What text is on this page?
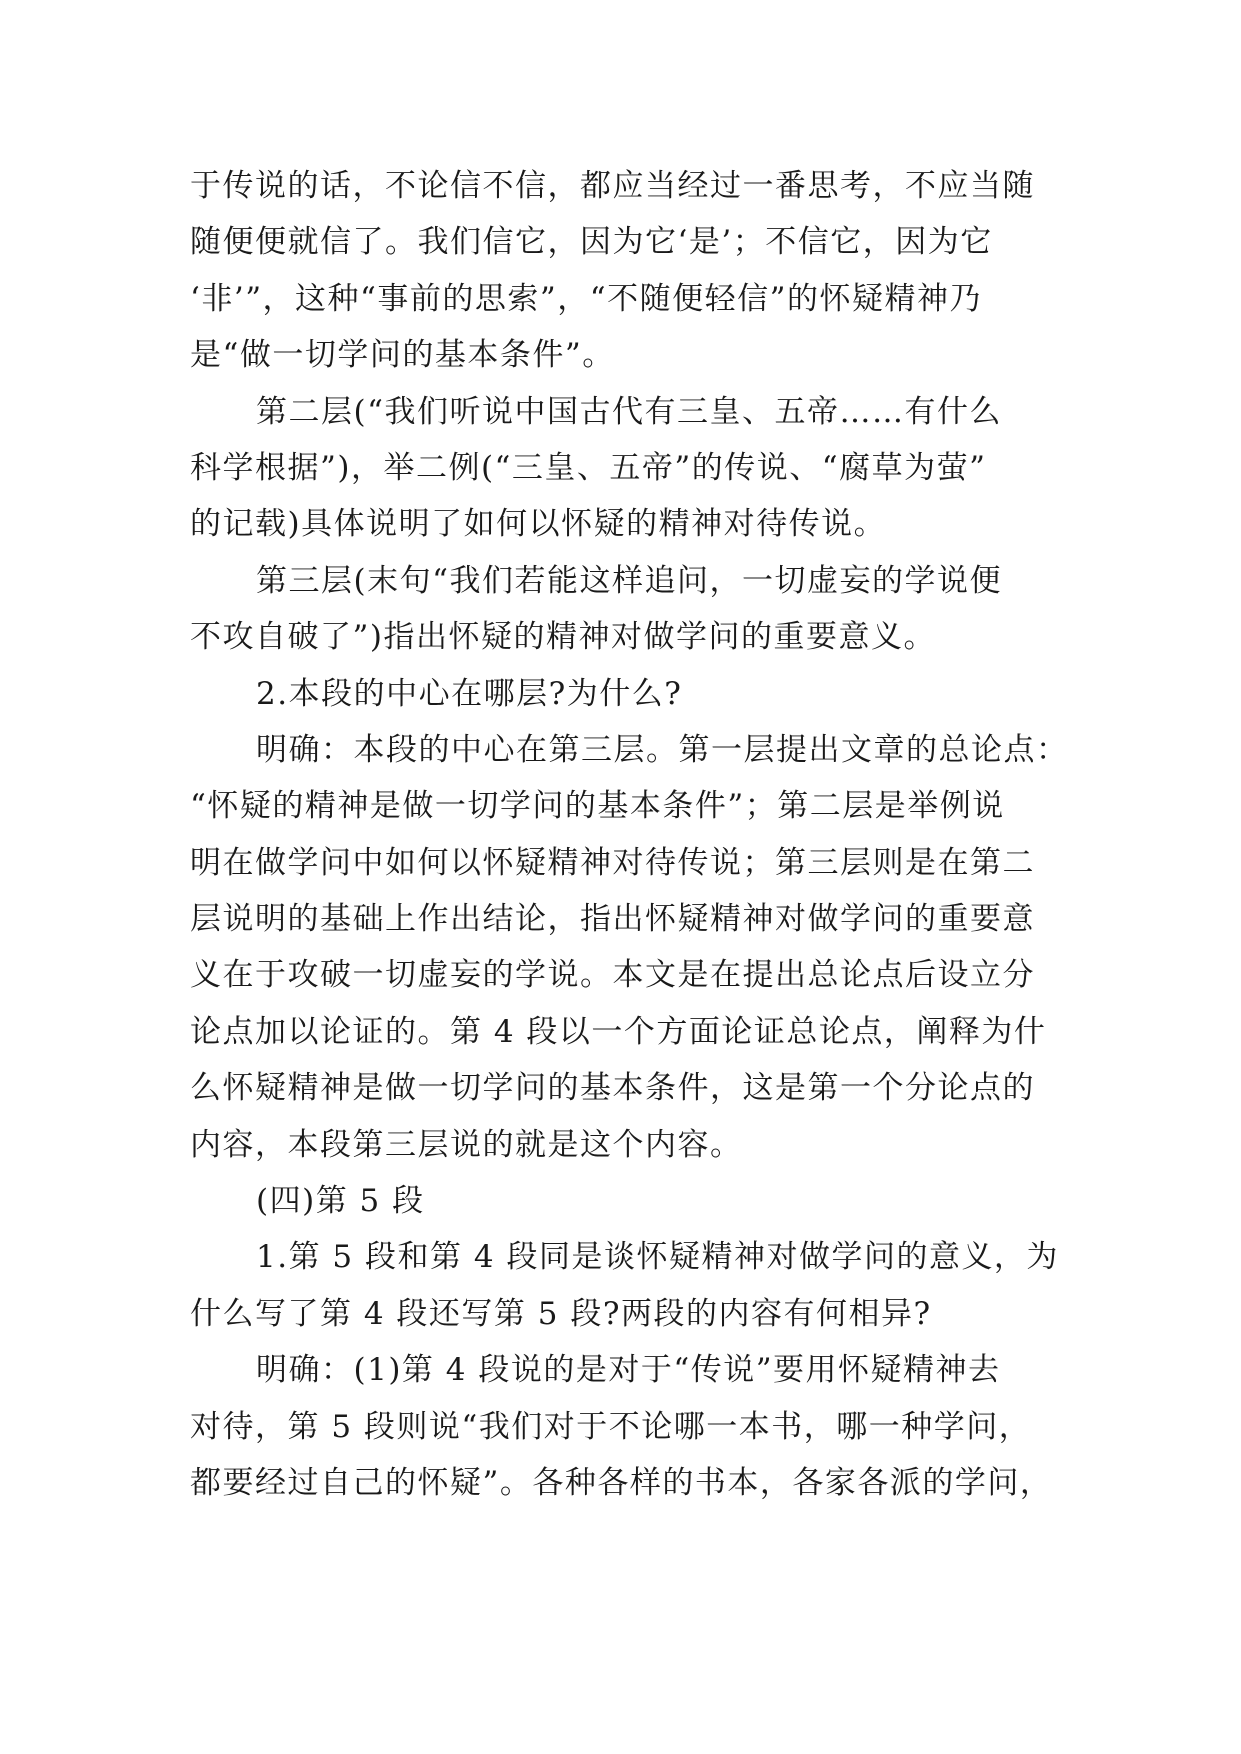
于传说的话，不论信不信，都应当经过一番思考，不应当随
随便便就信了。我们信它，因为它‘是’；不信它，因为它
‘非’”，这种“事前的思索”，“不随便轻信”的怀疑精神乃
是“做一切学问的基本条件”。
第二层(“我们听说中国古代有三皇、五帝……有什么
科学根据”)，举二例(“三皇、五帝”的传说、“腐草为萤”
的记载)具体说明了如何以怀疑的精神对待传说。
第三层(末句“我们若能这样追问，一切虚妄的学说便
不攻自破了”)指出怀疑的精神对做学问的重要意义。
2.本段的中心在哪层?为什么?
明确：本段的中心在第三层。第一层提出文章的总论点：
“怀疑的精神是做一切学问的基本条件”；第二层是举例说
明在做学问中如何以怀疑精神对待传说；第三层则是在第二
层说明的基础上作出结论，指出怀疑精神对做学问的重要意
义在于攻破一切虚妄的学说。本文是在提出总论点后设立分
论点加以论证的。第 4 段以一个方面论证总论点，阐释为什
么怀疑精神是做一切学问的基本条件，这是第一个分论点的
内容，本段第三层说的就是这个内容。
(四)第 5 段
1.第 5 段和第 4 段同是谈怀疑精神对做学问的意义，为
什么写了第 4 段还写第 5 段?两段的内容有何相异?
明确：(1)第 4 段说的是对于“传说”要用怀疑精神去
对待，第 5 段则说“我们对于不论哪一本书，哪一种学问，
都要经过自己的怀疑”。各种各样的书本，各家各派的学问，
